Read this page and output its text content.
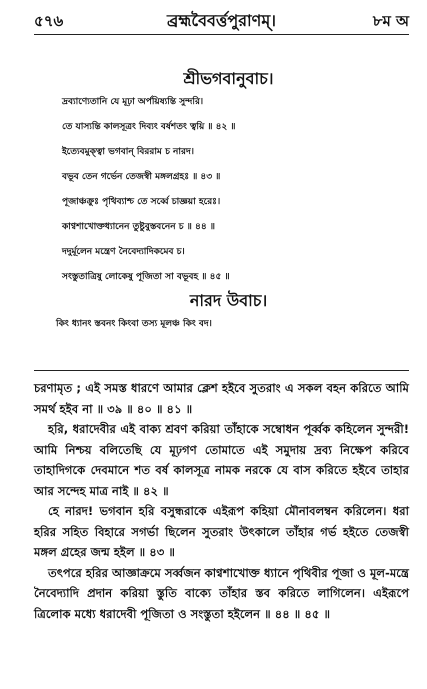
৫৭৬	ব্রহ্মবৈবর্ত্তপুরাণম্।	৮ম অ
শ্রীভগবানুবাচ।
দ্রব্যাণ্যেতানি যে মূঢ়া অর্পয়িষ্যন্তি সুন্দরি।
তে যাস্যন্তি কালসূত্রং দিব্যং বর্ষশতং ত্বয়ি ॥ ৪২ ॥
ইত্যেবমুক্ত্বা ভগবান্ বিররাম চ নারদ।
বভূব তেন গর্ভেন তেজস্বী মঙ্গলগ্রহঃ ॥ ৪৩ ॥
পূজাঞ্চক্রুঃ পৃথিব্যাশ্চ তে সর্ব্বে চাজ্ঞয়া হরেঃ।
কাণ্বশাখোক্তধ্যানেন তুষ্টুবুস্তবনেন চ ॥ ৪৪ ॥
দদুর্মূলেন মন্ত্রেণ নৈবেদ্যাদিকমেব চ।
সংস্তুতাত্রিষু লোকেষু পূজিতা সা বভূবহ ॥ ৪৫ ॥
নারদ উবাচ।
কিং ধ্যানং স্তবনং কিংবা তস্য মূলঞ্চ কিং বদ।

চরণামৃত ; এই সমস্ত ধারণে আমার ক্লেশ হইবে সুতরাং এ সকল বহন করিতে আমি সমর্থ হইব না ॥ ৩৯ ॥ ৪০ ॥ ৪১ ॥

হরি, ধরাদেবীর এই বাক্য শ্রবণ করিয়া তাঁহাকে সম্বোধন পূর্ব্বক কহিলেন সুন্দরী! আমি নিশ্চয় বলিতেছি যে মূঢ়গণ তোমাতে এই সমুদায় দ্রব্য নিক্ষেপ করিবে তাহাদিগকে দেবমানে শত বর্ষ কালসূত্র নামক নরকে যে বাস করিতে হইবে তাহার আর সন্দেহ মাত্র নাই ॥ ৪২ ॥

হে নারদ! ভগবান হরি বসুন্ধরাকে এইরূপ কহিয়া মৌনাবলম্বন করিলেন। ধরা হরির সহিত বিহারে সগর্ভা ছিলেন সুতরাং উৎকালে তাঁহার গর্ভ হইতে তেজস্বী মঙ্গল গ্রহের জন্ম হইল ॥ ৪৩ ॥

তৎপরে হরির আজ্ঞাক্রমে সর্ব্বজন কাণ্বশাখোক্ত ধ্যানে পৃথিবীর পূজা ও মূল-মন্ত্রে নৈবেদ্যাদি প্রদান করিয়া স্তুতি বাক্যে তাঁহার স্তব করিতে লাগিলেন। এইরূপে ত্রিলোক মধ্যে ধরাদেবী পূজিতা ও সংস্তুতা হইলেন ॥ ৪৪ ॥ ৪৫ ॥
